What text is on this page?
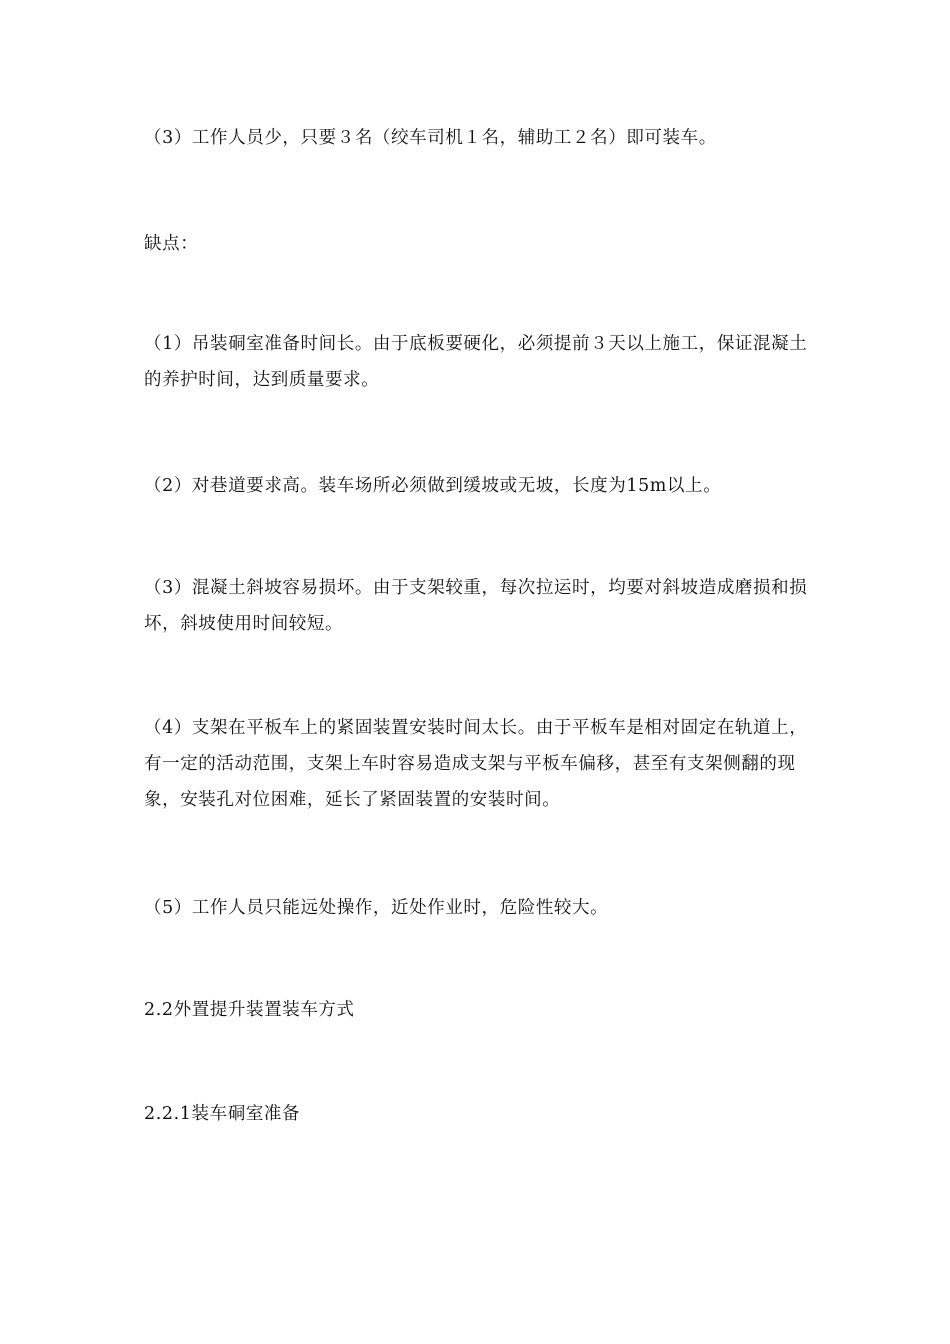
（3）工作人员少，只要３名（绞车司机１名，辅助工２名）即可装车。

缺点：

（1）吊装硐室准备时间长。由于底板要硬化，必须提前３天以上施工，保证混凝土的养护时间，达到质量要求。

（2）对巷道要求高。装车场所必须做到缓坡或无坡，长度为15m以上。

（3）混凝土斜坡容易损坏。由于支架较重，每次拉运时，均要对斜坡造成磨损和损坏，斜坡使用时间较短。

（4）支架在平板车上的紧固装置安装时间太长。由于平板车是相对固定在轨道上，有一定的活动范围，支架上车时容易造成支架与平板车偏移，甚至有支架侧翻的现象，安装孔对位困难，延长了紧固装置的安装时间。

（5）工作人员只能远处操作，近处作业时，危险性较大。

2.2外置提升装置装车方式

2.2.1装车硐室准备
